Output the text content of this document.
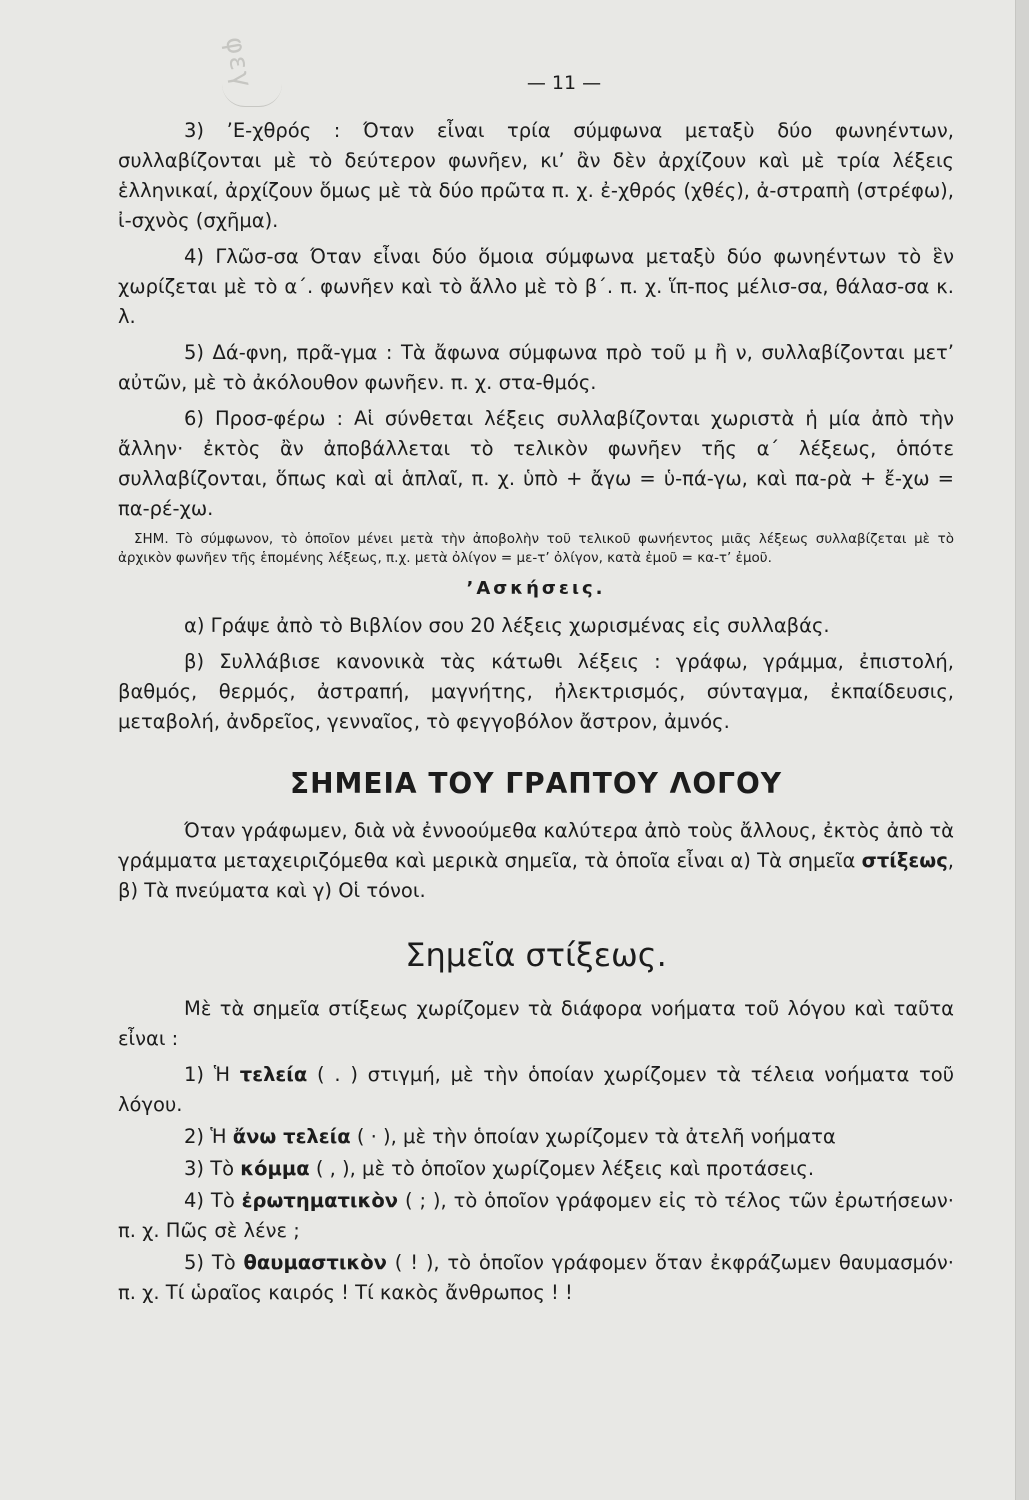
φεγ	— 11 —

3) ’Ε-χθρός : Όταν εἶναι τρία σύμφωνα μεταξὺ δύο φωνηέντων, συλλαβίζονται μὲ τὸ δεύτερον φωνῆεν, κι’ ἂν δὲν ἀρχίζουν καὶ μὲ τρία λέξεις ἑλληνικαί, ἀρχίζουν ὅμως μὲ τὰ δύο πρῶτα π. χ. ἐ-χθρός (χθές), ἀ-στραπὴ (στρέφω), ἰ-σχνὸς (σχῆμα).

4) Γλῶσ-σα Όταν εἶναι δύο ὅμοια σύμφωνα μεταξὺ δύο φωνηέντων τὸ ἓν χωρίζεται μὲ τὸ α΄. φωνῆεν καὶ τὸ ἄλλο μὲ τὸ β΄. π. χ. ἵπ-πος μέλισ-σα, θάλασ-σα κ. λ.

5) Δά-φνη, πρᾶ-γμα : Τὰ ἄφωνα σύμφωνα πρὸ τοῦ μ ἢ ν, συλλαβίζονται μετ’ αὐτῶν, μὲ τὸ ἀκόλουθον φωνῆεν. π. χ. στα-θμός.

6) Προσ-φέρω : Αἱ σύνθεται λέξεις συλλαβίζονται χωριστὰ ἡ μία ἀπὸ τὴν ἄλλην· ἐκτὸς ἂν ἀποβάλλεται τὸ τελικὸν φωνῆεν τῆς α΄ λέξεως, ὁπότε συλλαβίζονται, ὅπως καὶ αἱ ἁπλαῖ, π. χ. ὑπὸ + ἄγω = ὑ-πά-γω, καὶ πα-ρὰ + ἔ-χω = πα-ρέ-χω.

ΣΗΜ. Τὸ σύμφωνον, τὸ ὁποῖον μένει μετὰ τὴν ἀποβολὴν τοῦ τελικοῦ φωνήεντος μιᾶς λέξεως συλλαβίζεται μὲ τὸ ἀρχικὸν φωνῆεν τῆς ἑπομένης λέξεως, π.χ. μετὰ ὀλίγον = με-τ’ ὀλίγον, κατὰ ἐμοῦ = κα-τ’ ἐμοῦ.

’Ασκήσεις.

α) Γράψε ἀπὸ τὸ Βιβλίον σου 20 λέξεις χωρισμένας εἰς συλλαβάς.

β) Συλλάβισε κανονικὰ τὰς κάτωθι λέξεις : γράφω, γράμμα, ἐπιστολή, βαθμός, θερμός, ἀστραπή, μαγνήτης, ἠλεκτρισμός, σύνταγμα, ἐκπαίδευσις, μεταβολή, ἀνδρεῖος, γενναῖος, τὸ φεγγοβόλον ἄστρον, ἀμνός.

ΣΗΜΕΙΑ ΤΟΥ ΓΡΑΠΤΟΥ ΛΟΓΟΥ

Όταν γράφωμεν, διὰ νὰ ἐννοούμεθα καλύτερα ἀπὸ τοὺς ἄλλους, ἐκτὸς ἀπὸ τὰ γράμματα μεταχειριζόμεθα καὶ μερικὰ σημεῖα, τὰ ὁποῖα εἶναι α) Τὰ σημεῖα στίξεως, β) Τὰ πνεύματα καὶ γ) Οἱ τόνοι.

Σημεῖα στίξεως.

Μὲ τὰ σημεῖα στίξεως χωρίζομεν τὰ διάφορα νοήματα τοῦ λόγου καὶ ταῦτα εἶναι :

1) Ἡ τελεία ( . ) στιγμή, μὲ τὴν ὁποίαν χωρίζομεν τὰ τέλεια νοήματα τοῦ λόγου.

2) Ἡ ἄνω τελεία ( · ), μὲ τὴν ὁποίαν χωρίζομεν τὰ ἀτελῆ νοήματα

3) Τὸ κόμμα ( , ), μὲ τὸ ὁποῖον χωρίζομεν λέξεις καὶ προτάσεις.

4) Τὸ ἐρωτηματικὸν ( ; ), τὸ ὁποῖον γράφομεν εἰς τὸ τέλος τῶν ἐρωτήσεων· π. χ. Πῶς σὲ λένε ;

5) Τὸ θαυμαστικὸν ( ! ), τὸ ὁποῖον γράφομεν ὅταν ἐκφράζωμεν θαυμασμόν· π. χ. Τί ὡραῖος καιρός ! Τί κακὸς ἄνθρωπος ! !
